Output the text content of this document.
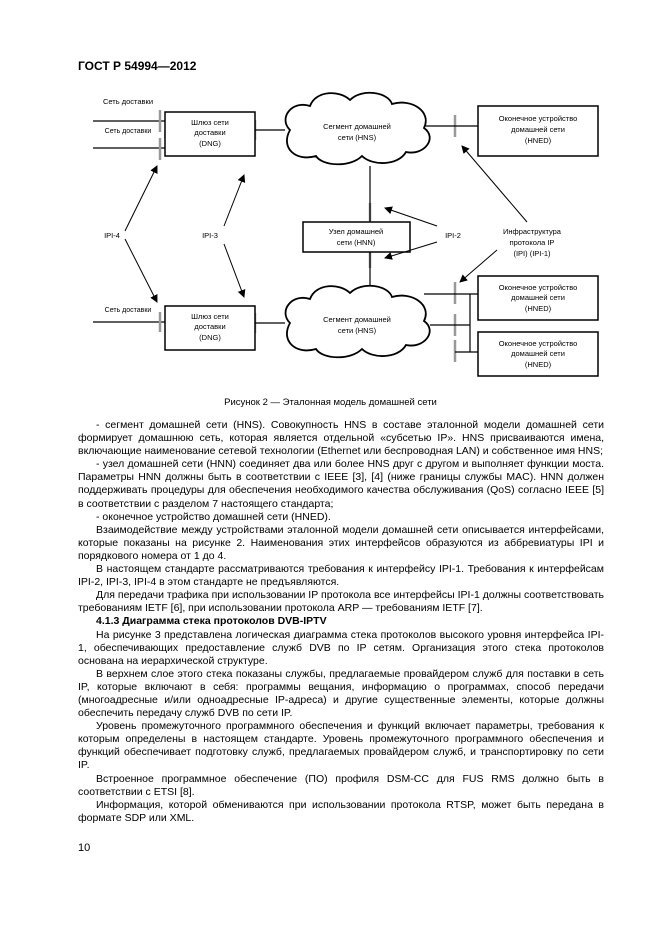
ГОСТ Р 54994—2012
Сеть доставки
Сеть доставки
Сеть доставки
Шлюз сети
доставки
(DNG)
Сегмент домашней
сети (HNS)
Оконечное устройство
домашней сети
(HNED)
Узел домашней
сети (HNN)
Шлюз сети
доставки
(DNG)
Сегмент домашней
сети (HNS)
Оконечное устройство
домашней сети
(HNED)
Оконечное устройство
домашней сети
(HNED)
IPI-4	IPI-3	IPI-2	Инфраструктура
протокола IP
(IPI) (IPI-1)
Рисунок 2 — Эталонная модель домашней сети

- сегмент домашней сети (HNS). Совокупность HNS в составе эталонной модели домашней сети формирует домашнюю сеть, которая является отдельной «субсетью IP». HNS присваиваются имена, включающие наименование сетевой технологии (Ethernet или беспроводная LAN) и собственное имя HNS;

- узел домашней сети (HNN) соединяет два или более HNS друг с другом и выполняет функции моста. Параметры HNN должны быть в соответствии с IEEE [3], [4] (ниже границы службы MAC). HNN должен поддерживать процедуры для обеспечения необходимого качества обслуживания (QoS) согласно IEEE [5] в соответствии с разделом 7 настоящего стандарта;

- оконечное устройство домашней сети (HNED).

Взаимодействие между устройствами эталонной модели домашней сети описывается интерфейсами, которые показаны на рисунке 2. Наименования этих интерфейсов образуются из аббревиатуры IPI и порядкового номера от 1 до 4.

В настоящем стандарте рассматриваются требования к интерфейсу IPI-1. Требования к интерфейсам IPI-2, IPI-3, IPI-4 в этом стандарте не предъявляются.

Для передачи трафика при использовании IP протокола все интерфейсы IPI-1 должны соответствовать требованиям IETF [6], при использовании протокола ARP — требованиям IETF [7].

4.1.3 Диаграмма стека протоколов DVB-IPTV

На рисунке 3 представлена логическая диаграмма стека протоколов высокого уровня интерфейса IPI-1, обеспечивающих предоставление служб DVB по IP сетям. Организация этого стека протоколов основана на иерархической структуре.

В верхнем слое этого стека показаны службы, предлагаемые провайдером служб для поставки в сеть IP, которые включают в себя: программы вещания, информацию о программах, способ передачи (многоадресные и/или одноадресные IP-адреса) и другие существенные элементы, которые должны обеспечить передачу служб DVB по сети IP.

Уровень промежуточного программного обеспечения и функций включает параметры, требования к которым определены в настоящем стандарте. Уровень промежуточного программного обеспечения и функций обеспечивает подготовку служб, предлагаемых провайдером служб, и транспортировку по сети IP.

Встроенное программное обеспечение (ПО) профиля DSM-CC для FUS RMS должно быть в соответствии с ETSI [8].

Информация, которой обмениваются при использовании протокола RTSP, может быть передана в формате SDP или XML.

10
